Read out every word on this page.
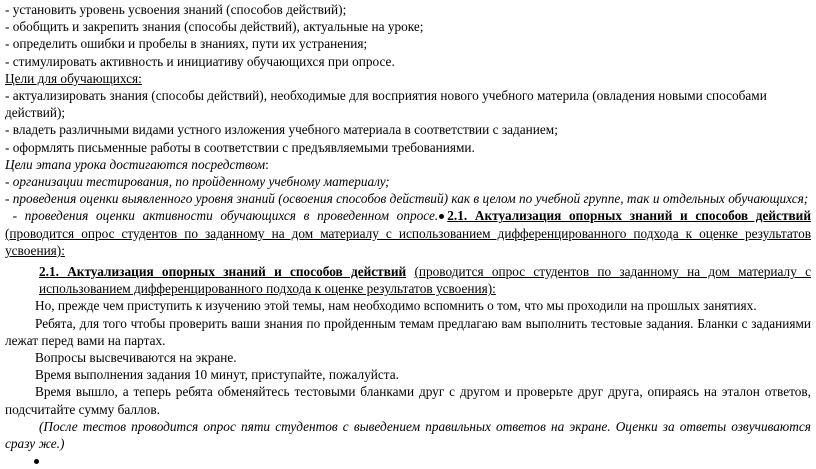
- установить уровень усвоения знаний (способов действий);

- обобщить и закрепить знания (способы действий), актуальные на уроке;

- определить ошибки и пробелы в знаниях, пути их устранения;

- стимулировать активность и инициативу обучающихся при опросе.

Цели для обучающихся:

- актуализировать знания (способы действий), необходимые для восприятия нового учебного материла (овладения новыми способами действий);

- владеть различными видами устного изложения учебного материала в соответствии с заданием;

- оформлять письменные работы в соответствии с предъявляемыми требованиями.

Цели этапа урока достигаются посредством:

- организации тестирования, по пройденному учебному материалу;

- проведения оценки выявленного уровня знаний (освоения способов действий) как в целом по учебной группе, так и отдельных обучающихся;

- проведения оценки активности обучающихся в проведенном опросе. 2.1. Актуализация опорных знаний и способов действий (проводится опрос студентов по заданному на дом материалу с использованием дифференцированного подхода к оценке результатов усвоения):

2.1. Актуализация опорных знаний и способов действий (проводится опрос студентов по заданному на дом материалу с использованием дифференцированного подхода к оценке результатов усвоения):

Но, прежде чем приступить к изучению этой темы, нам необходимо вспомнить о том, что мы проходили на прошлых занятиях.

Ребята, для того чтобы проверить ваши знания по пройденным темам предлагаю вам выполнить тестовые задания. Бланки с заданиями лежат перед вами на партах.

Вопросы высвечиваются на экране.

Время выполнения задания 10 минут, приступайте, пожалуйста.

Время вышло, а теперь ребята обменяйтесь тестовыми бланками друг с другом и проверьте друг друга, опираясь на эталон ответов, подсчитайте сумму баллов.

(После тестов проводится опрос пяти студентов с выведением правильных ответов на экране. Оценки за ответы озвучиваются сразу же.)
